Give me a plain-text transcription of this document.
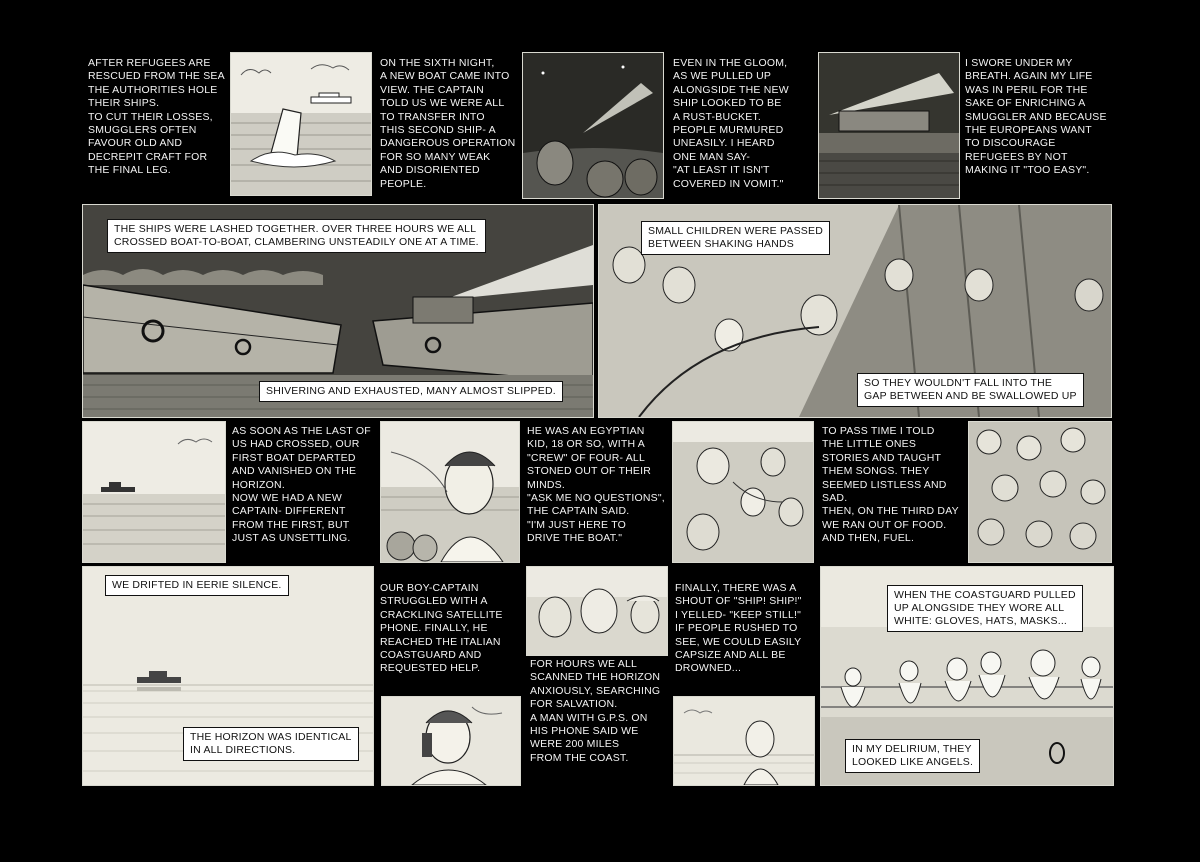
AFTER REFUGEES ARE
RESCUED FROM THE SEA
THE AUTHORITIES HOLE
THEIR SHIPS.
TO CUT THEIR LOSSES,
SMUGGLERS OFTEN
FAVOUR OLD AND
DECREPIT CRAFT FOR
THE FINAL LEG.
ON THE SIXTH NIGHT,
A NEW BOAT CAME INTO
VIEW. THE CAPTAIN
TOLD US WE WERE ALL
TO TRANSFER INTO
THIS SECOND SHIP- A
DANGEROUS OPERATION
FOR SO MANY WEAK
AND DISORIENTED
PEOPLE.
EVEN IN THE GLOOM,
AS WE PULLED UP
ALONGSIDE THE NEW
SHIP LOOKED TO BE
A RUST-BUCKET.
PEOPLE MURMURED
UNEASILY. I HEARD
ONE MAN SAY-
"AT LEAST IT ISN'T
COVERED IN VOMIT."
I SWORE UNDER MY
BREATH. AGAIN MY LIFE
WAS IN PERIL FOR THE
SAKE OF ENRICHING A
SMUGGLER AND BECAUSE
THE EUROPEANS WANT
TO DISCOURAGE
REFUGEES BY NOT
MAKING IT "TOO EASY".
THE SHIPS WERE LASHED TOGETHER. OVER THREE HOURS WE ALL
CROSSED BOAT-TO-BOAT, CLAMBERING UNSTEADILY ONE AT A TIME.
SHIVERING AND EXHAUSTED, MANY ALMOST SLIPPED.
SMALL CHILDREN WERE PASSED
BETWEEN SHAKING HANDS
SO THEY WOULDN'T FALL INTO THE
GAP BETWEEN AND BE SWALLOWED UP
AS SOON AS THE LAST OF
US HAD CROSSED, OUR
FIRST BOAT DEPARTED
AND VANISHED ON THE
HORIZON.
NOW WE HAD A NEW
CAPTAIN- DIFFERENT
FROM THE FIRST, BUT
JUST AS UNSETTLING.
HE WAS AN EGYPTIAN
KID, 18 OR SO, WITH A
"CREW" OF FOUR- ALL
STONED OUT OF THEIR
MINDS.
"ASK ME NO QUESTIONS",
THE CAPTAIN SAID.
"I'M JUST HERE TO
DRIVE THE BOAT."
TO PASS TIME I TOLD
THE LITTLE ONES
STORIES AND TAUGHT
THEM SONGS. THEY
SEEMED LISTLESS AND
SAD.
THEN, ON THE THIRD DAY
WE RAN OUT OF FOOD.
AND THEN, FUEL.
WE DRIFTED IN EERIE SILENCE.
THE HORIZON WAS IDENTICAL
IN ALL DIRECTIONS.
OUR BOY-CAPTAIN
STRUGGLED WITH A
CRACKLING SATELLITE
PHONE. FINALLY, HE
REACHED THE ITALIAN
COASTGUARD AND
REQUESTED HELP.	FOR HOURS WE ALL
SCANNED THE HORIZON
ANXIOUSLY, SEARCHING
FOR SALVATION.
A MAN WITH G.P.S. ON
HIS PHONE SAID WE
WERE 200 MILES
FROM THE COAST.
FINALLY, THERE WAS A
SHOUT OF "SHIP! SHIP!"
I YELLED- "KEEP STILL!"
IF PEOPLE RUSHED TO
SEE, WE COULD EASILY
CAPSIZE AND ALL BE
DROWNED...
WHEN THE COASTGUARD PULLED
UP ALONGSIDE THEY WORE ALL
WHITE: GLOVES, HATS, MASKS...
IN MY DELIRIUM, THEY
LOOKED LIKE ANGELS.
